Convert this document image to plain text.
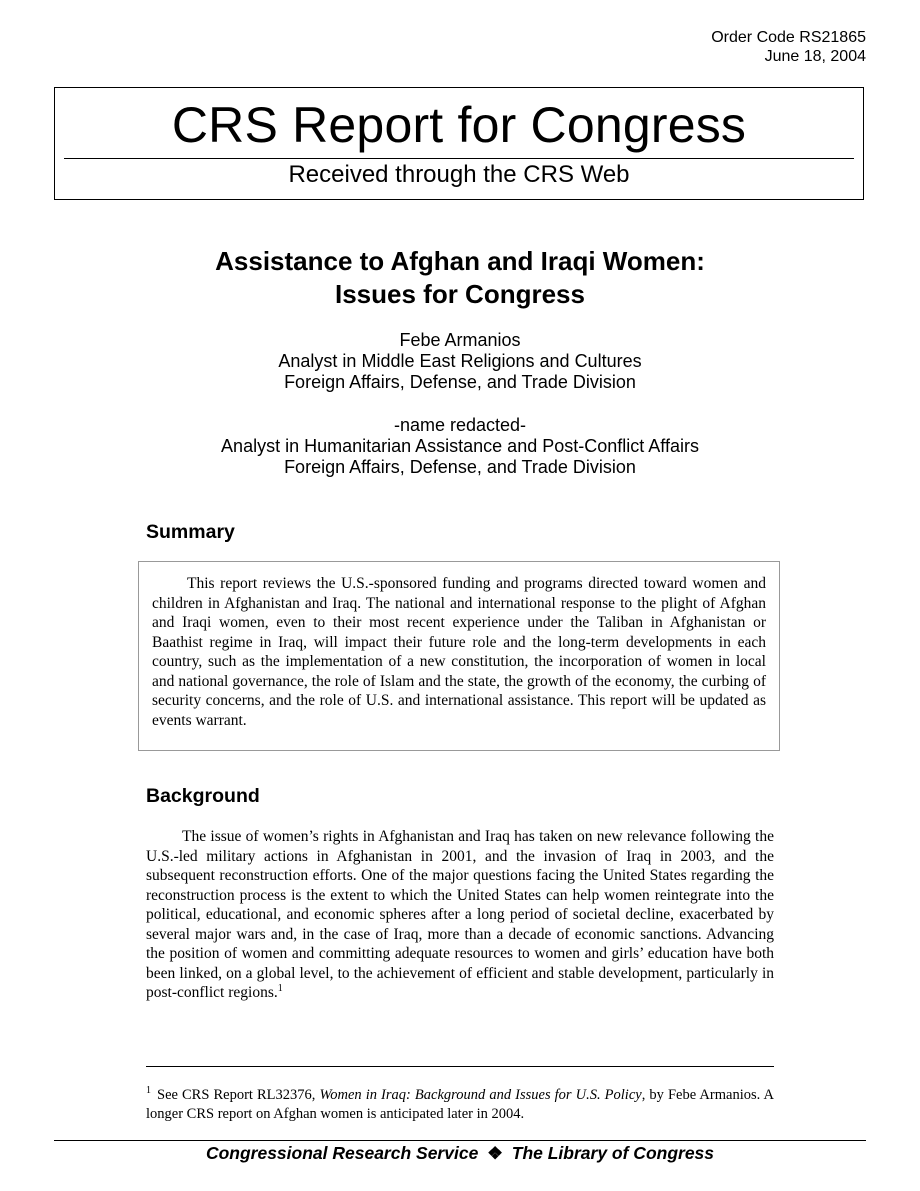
Order Code RS21865
June 18, 2004
CRS Report for Congress
Received through the CRS Web
Assistance to Afghan and Iraqi Women:
Issues for Congress
Febe Armanios
Analyst in Middle East Religions and Cultures
Foreign Affairs, Defense, and Trade Division
-name redacted-
Analyst in Humanitarian Assistance and Post-Conflict Affairs
Foreign Affairs, Defense, and Trade Division
Summary

This report reviews the U.S.-sponsored funding and programs directed toward women and children in Afghanistan and Iraq. The national and international response to the plight of Afghan and Iraqi women, even to their most recent experience under the Taliban in Afghanistan or Baathist regime in Iraq, will impact their future role and the long-term developments in each country, such as the implementation of a new constitution, the incorporation of women in local and national governance, the role of Islam and the state, the growth of the economy, the curbing of security concerns, and the role of U.S. and international assistance. This report will be updated as events warrant.

Background

The issue of women’s rights in Afghanistan and Iraq has taken on new relevance following the U.S.-led military actions in Afghanistan in 2001, and the invasion of Iraq in 2003, and the subsequent reconstruction efforts. One of the major questions facing the United States regarding the reconstruction process is the extent to which the United States can help women reintegrate into the political, educational, and economic spheres after a long period of societal decline, exacerbated by several major wars and, in the case of Iraq, more than a decade of economic sanctions. Advancing the position of women and committing adequate resources to women and girls’ education have both been linked, on a global level, to the achievement of efficient and stable development, particularly in post-conflict regions.$^1$

$^1$ See CRS Report RL32376, Women in Iraq: Background and Issues for U.S. Policy, by Febe Armanios. A longer CRS report on Afghan women is anticipated later in 2004.

Congressional Research Service ❖ The Library of Congress
